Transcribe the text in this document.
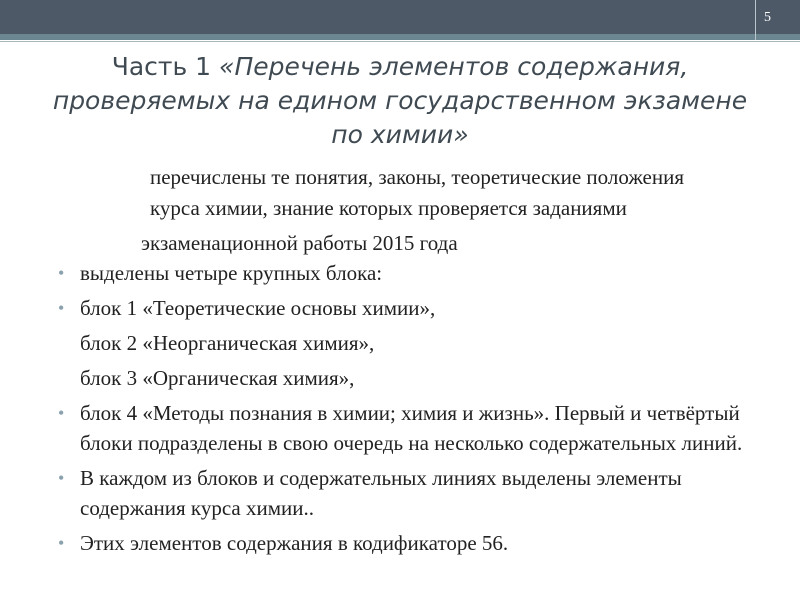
5
Часть 1 «Перечень элементов содержания, проверяемых на едином государственном экзамене по химии»
перечислены те понятия, законы, теоретические положения
курса химии, знание которых проверяется заданиями
экзаменационной работы 2015 года
• выделены четыре крупных блока:
• блок 1 «Теоретические основы химии»,
блок 2 «Неорганическая химия»,
блок 3 «Органическая химия»,
• блок 4 «Методы познания в химии; химия и жизнь». Первый и четвёртый блоки подразделены в свою очередь на несколько содержательных линий.
• В каждом из блоков и содержательных линиях выделены элементы содержания курса химии..
• Этих элементов содержания в кодификаторе 56.
